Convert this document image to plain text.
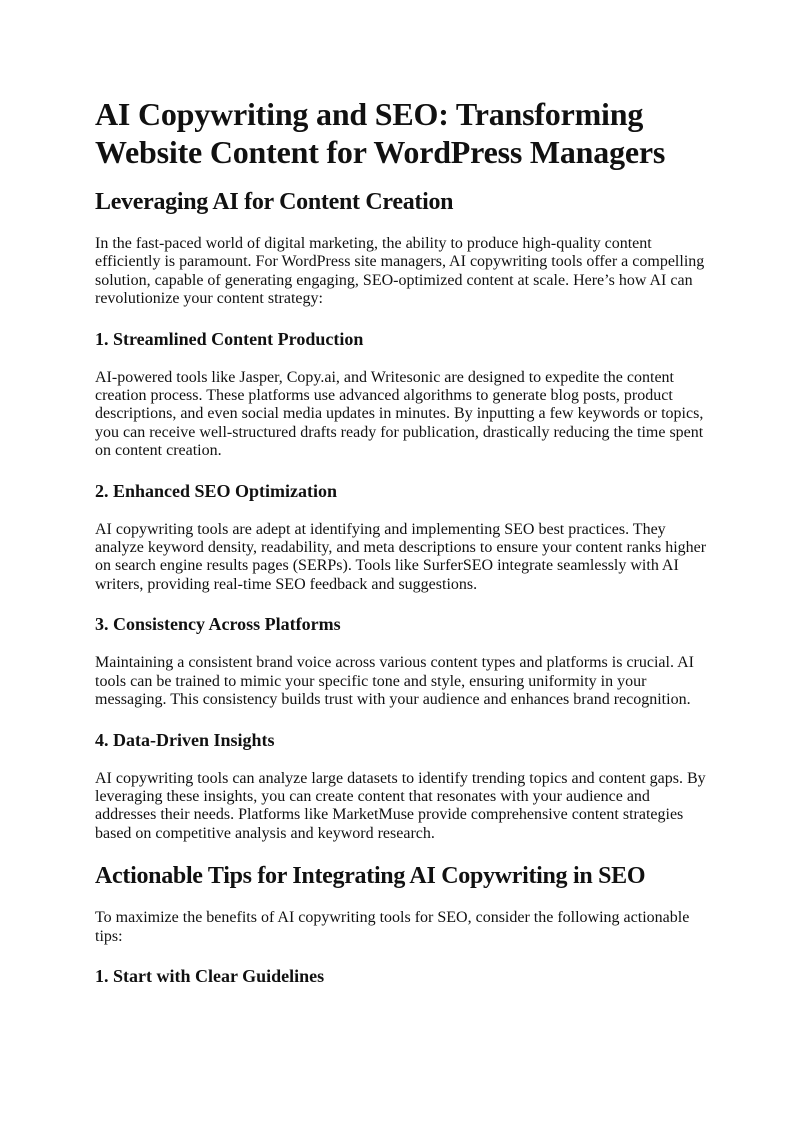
AI Copywriting and SEO: Transforming Website Content for WordPress Managers
Leveraging AI for Content Creation

In the fast-paced world of digital marketing, the ability to produce high-quality content efficiently is paramount. For WordPress site managers, AI copywriting tools offer a compelling solution, capable of generating engaging, SEO-optimized content at scale. Here’s how AI can revolutionize your content strategy:

1. Streamlined Content Production

AI-powered tools like Jasper, Copy.ai, and Writesonic are designed to expedite the content creation process. These platforms use advanced algorithms to generate blog posts, product descriptions, and even social media updates in minutes. By inputting a few keywords or topics, you can receive well-structured drafts ready for publication, drastically reducing the time spent on content creation.

2. Enhanced SEO Optimization

AI copywriting tools are adept at identifying and implementing SEO best practices. They analyze keyword density, readability, and meta descriptions to ensure your content ranks higher on search engine results pages (SERPs). Tools like SurferSEO integrate seamlessly with AI writers, providing real-time SEO feedback and suggestions.

3. Consistency Across Platforms

Maintaining a consistent brand voice across various content types and platforms is crucial. AI tools can be trained to mimic your specific tone and style, ensuring uniformity in your messaging. This consistency builds trust with your audience and enhances brand recognition.

4. Data-Driven Insights

AI copywriting tools can analyze large datasets to identify trending topics and content gaps. By leveraging these insights, you can create content that resonates with your audience and addresses their needs. Platforms like MarketMuse provide comprehensive content strategies based on competitive analysis and keyword research.

Actionable Tips for Integrating AI Copywriting in SEO

To maximize the benefits of AI copywriting tools for SEO, consider the following actionable tips:

1. Start with Clear Guidelines
